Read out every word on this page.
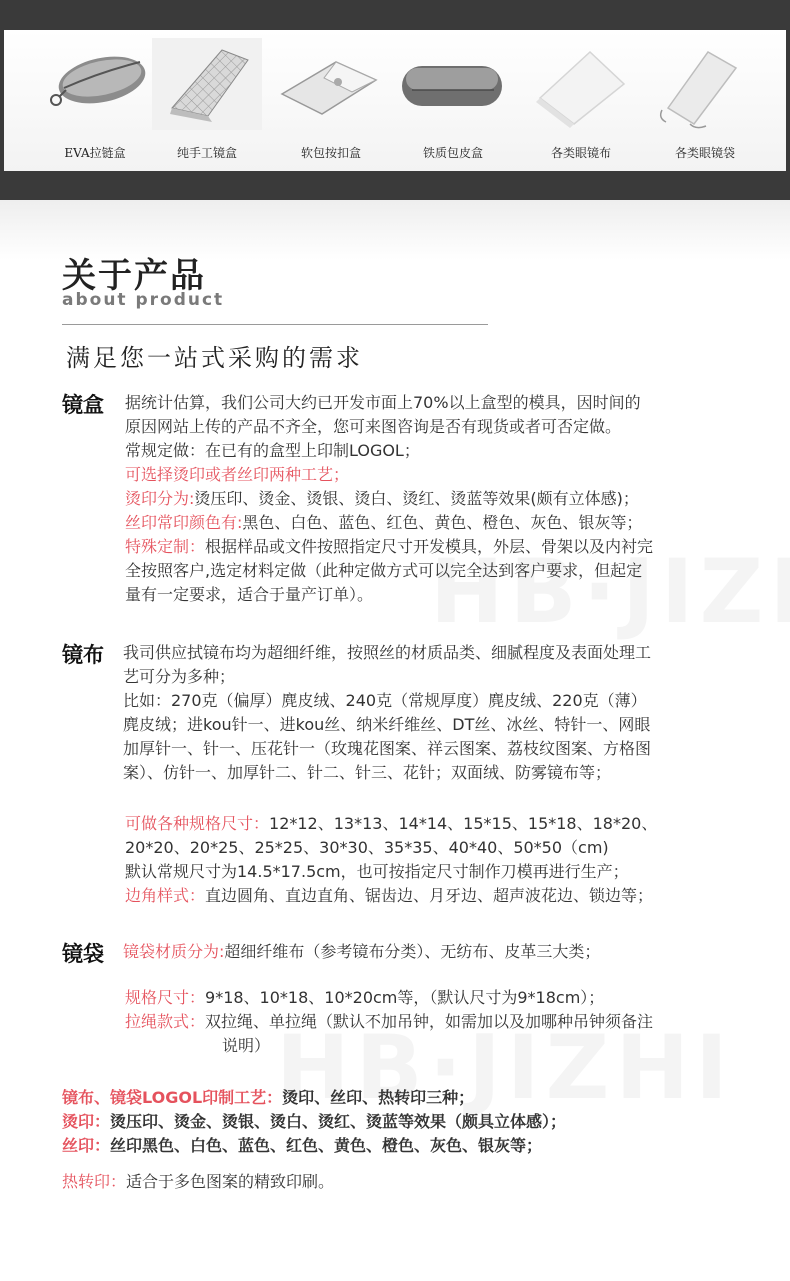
EVA拉链盒	纯手工镜盒	软包按扣盒	铁质包皮盒	各类眼镜布	各类眼镜袋
关于产品
about product
满足您一站式采购的需求
镜盒 据统计估算，我们公司大约已开发市面上70%以上盒型的模具，因时间的

原因网站上传的产品不齐全，您可来图咨询是否有现货或者可否定做。

常规定做：在已有的盒型上印制LOGOL；

可选择烫印或者丝印两种工艺；

烫印分为:烫压印、烫金、烫银、烫白、烫红、烫蓝等效果(颇有立体感)；

丝印常印颜色有:黑色、白色、蓝色、红色、黄色、橙色、灰色、银灰等；

特殊定制：根据样品或文件按照指定尺寸开发模具，外层、骨架以及内衬完

全按照客户,选定材料定做（此种定做方式可以完全达到客户要求，但起定

量有一定要求，适合于量产订单）。

镜布 我司供应拭镜布均为超细纤维，按照丝的材质品类、细腻程度及表面处理工

艺可分为多种；

比如：270克（偏厚）麂皮绒、240克（常规厚度）麂皮绒、220克（薄）

麂皮绒；进kou针一、进kou丝、纳米纤维丝、DT丝、冰丝、特针一、网眼

加厚针一、针一、压花针一（玫瑰花图案、祥云图案、荔枝纹图案、方格图

案）、仿针一、加厚针二、针二、针三、花针；双面绒、防雾镜布等；

可做各种规格尺寸：12*12、13*13、14*14、15*15、15*18、18*20、

20*20、20*25、25*25、30*30、35*35、40*40、50*50（cm)

默认常规尺寸为14.5*17.5cm，也可按指定尺寸制作刀模再进行生产；

边角样式：直边圆角、直边直角、锯齿边、月牙边、超声波花边、锁边等；

镜袋 镜袋材质分为:超细纤维布（参考镜布分类）、无纺布、皮革三大类；

规格尺寸：9*18、10*18、10*20cm等，（默认尺寸为9*18cm）；

拉绳款式：双拉绳、单拉绳（默认不加吊钟，如需加以及加哪种吊钟须备注

说明）

镜布、镜袋LOGOL印制工艺：烫印、丝印、热转印三种；

烫印：烫压印、烫金、烫银、烫白、烫红、烫蓝等效果（颇具立体感）；

丝印：丝印黑色、白色、蓝色、红色、黄色、橙色、灰色、银灰等；

热转印：适合于多色图案的精致印刷。
